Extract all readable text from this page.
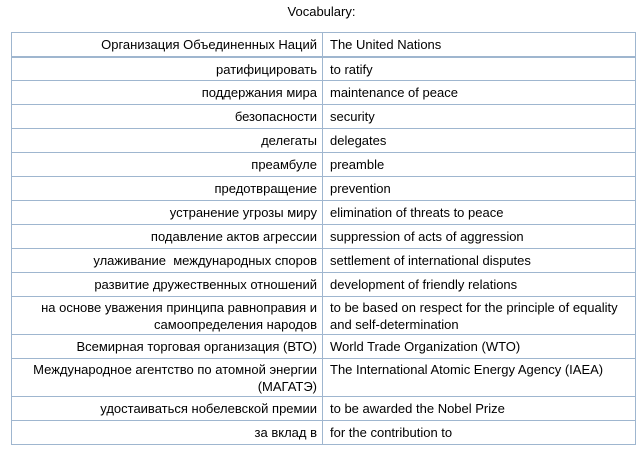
Vocabulary:
Организация Объединенных Наций	The United Nations
ратифицировать	to ratify
поддержания мира	maintenance of peace
безопасности	security
делегаты	delegates
преамбуле	preamble
предотвращение	prevention
устранение угрозы миру	elimination of threats to peace
подавление актов агрессии	suppression of acts of aggression
улаживание  международных споров	settlement of international disputes
развитие дружественных отношений	development of friendly relations
на основе уважения принципа равноправия и самоопределения народов	to be based on respect for the principle of equality and self-determination
Всемирная торговая организация (ВТО)	World Trade Organization (WTO)
Международное агентство по атомной энергии (МАГАТЭ)	The International Atomic Energy Agency (IAEA)
удостаиваться нобелевской премии	to be awarded the Nobel Prize
за вклад в	for the contribution to
